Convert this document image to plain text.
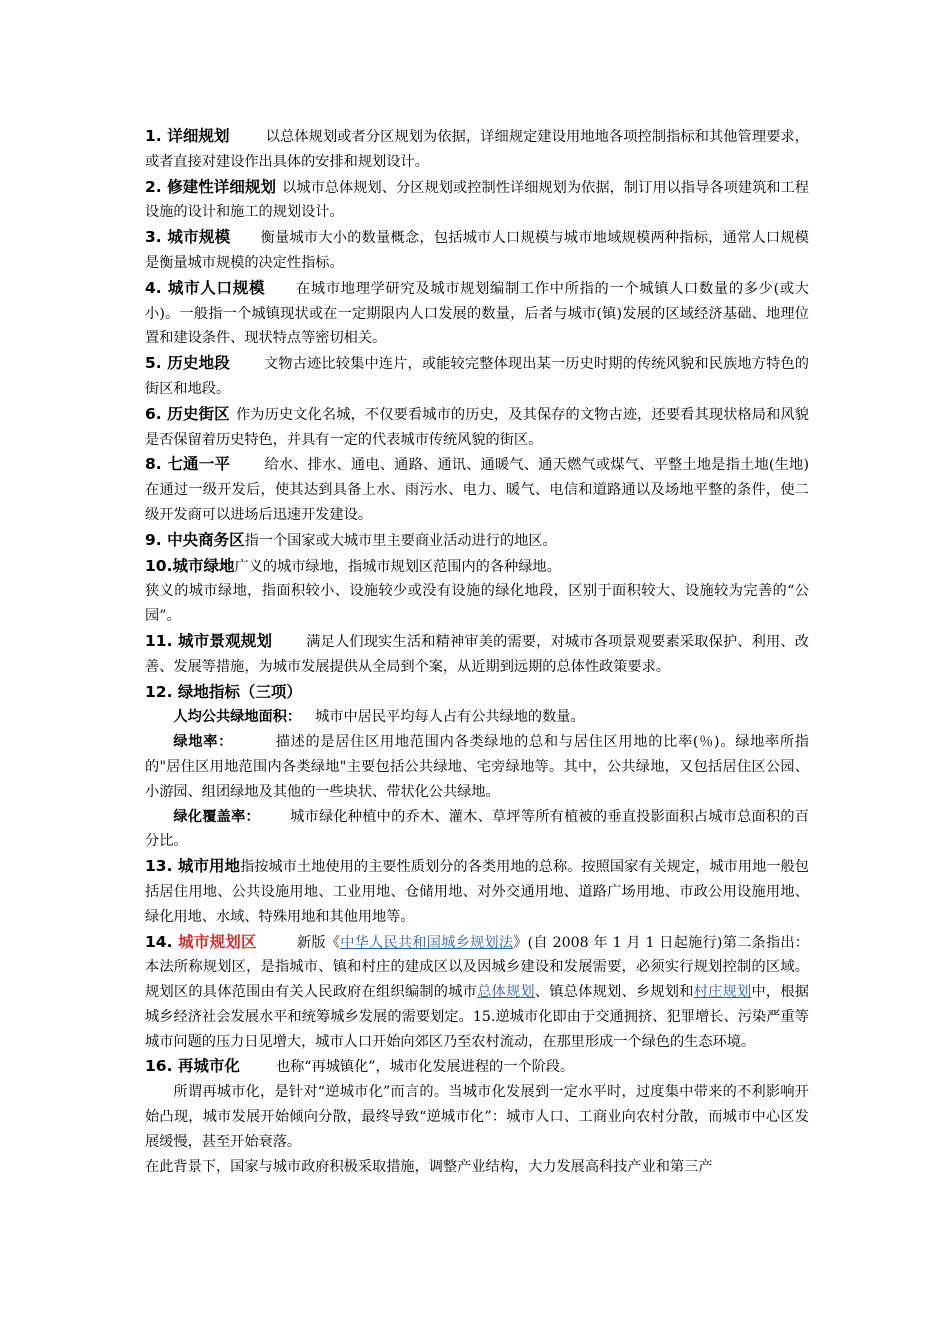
1. 详细规划	以总体规划或者分区规划为依据，详细规定建设用地地各项控制指标和其他管理要求，或者直接对建设作出具体的安排和规划设计。

2. 修建性详细规划 以城市总体规划、分区规划或控制性详细规划为依据，制订用以指导各项建筑和工程设施的设计和施工的规划设计。

3. 城市规模 衡量城市大小的数量概念，包括城市人口规模与城市地域规模两种指标，通常人口规模是衡量城市规模的决定性指标。

4. 城市人口规模 在城市地理学研究及城市规划编制工作中所指的一个城镇人口数量的多少(或大小)。一般指一个城镇现状或在一定期限内人口发展的数量，后者与城市(镇)发展的区域经济基础、地理位置和建设条件、现状特点等密切相关。

5. 历史地段 文物古迹比较集中连片，或能较完整体现出某一历史时期的传统风貌和民族地方特色的街区和地段。

6. 历史街区 作为历史文化名城，不仅要看城市的历史，及其保存的文物古迹，还要看其现状格局和风貌是否保留着历史特色，并具有一定的代表城市传统风貌的街区。

8. 七通一平 给水、排水、通电、通路、通讯、通暖气、通天燃气或煤气、平整土地是指土地(生地)在通过一级开发后，使其达到具备上水、雨污水、电力、暖气、电信和道路通以及场地平整的条件，使二级开发商可以进场后迅速开发建设。

9. 中央商务区指一个国家或大城市里主要商业活动进行的地区。

10.城市绿地广义的城市绿地，指城市规划区范围内的各种绿地。

狭义的城市绿地，指面积较小、设施较少或没有设施的绿化地段，区别于面积较大、设施较为完善的“公园”。

11. 城市景观规划 满足人们现实生活和精神审美的需要，对城市各项景观要素采取保护、利用、改善、发展等措施，为城市发展提供从全局到个案，从近期到远期的总体性政策要求。

12. 绿地指标（三项）

人均公共绿地面积： 城市中居民平均每人占有公共绿地的数量。

绿地率：	描述的是居住区用地范围内各类绿地的总和与居住区用地的比率(％)。绿地率所指的"居住区用地范围内各类绿地"主要包括公共绿地、宅旁绿地等。其中，公共绿地，又包括居住区公园、小游园、组团绿地及其他的一些块状、带状化公共绿地。

绿化覆盖率： 城市绿化种植中的乔木、灌木、草坪等所有植被的垂直投影面积占城市总面积的百分比。

13. 城市用地指按城市土地使用的主要性质划分的各类用地的总称。按照国家有关规定，城市用地一般包括居住用地、公共设施用地、工业用地、仓储用地、对外交通用地、道路广场用地、市政公用设施用地、绿化用地、水域、特殊用地和其他用地等。

14. 城市规划区	新版《中华人民共和国城乡规划法》(自 2008 年 1 月 1 日起施行)第二条指出：本法所称规划区，是指城市、镇和村庄的建成区以及因城乡建设和发展需要，必须实行规划控制的区域。规划区的具体范围由有关人民政府在组织编制的城市总体规划、镇总体规划、乡规划和村庄规划中，根据城乡经济社会发展水平和统筹城乡发展的需要划定。15.逆城市化即由于交通拥挤、犯罪增长、污染严重等城市问题的压力日见增大，城市人口开始向郊区乃至农村流动，在那里形成一个绿色的生态环境。

16. 再城市化	也称“再城镇化”，城市化发展进程的一个阶段。

所谓再城市化，是针对“逆城市化”而言的。当城市化发展到一定水平时，过度集中带来的不利影响开始凸现，城市发展开始倾向分散，最终导致“逆城市化”：城市人口、工商业向农村分散，而城市中心区发展缓慢，甚至开始衰落。

在此背景下，国家与城市政府积极采取措施，调整产业结构，大力发展高科技产业和第三产
